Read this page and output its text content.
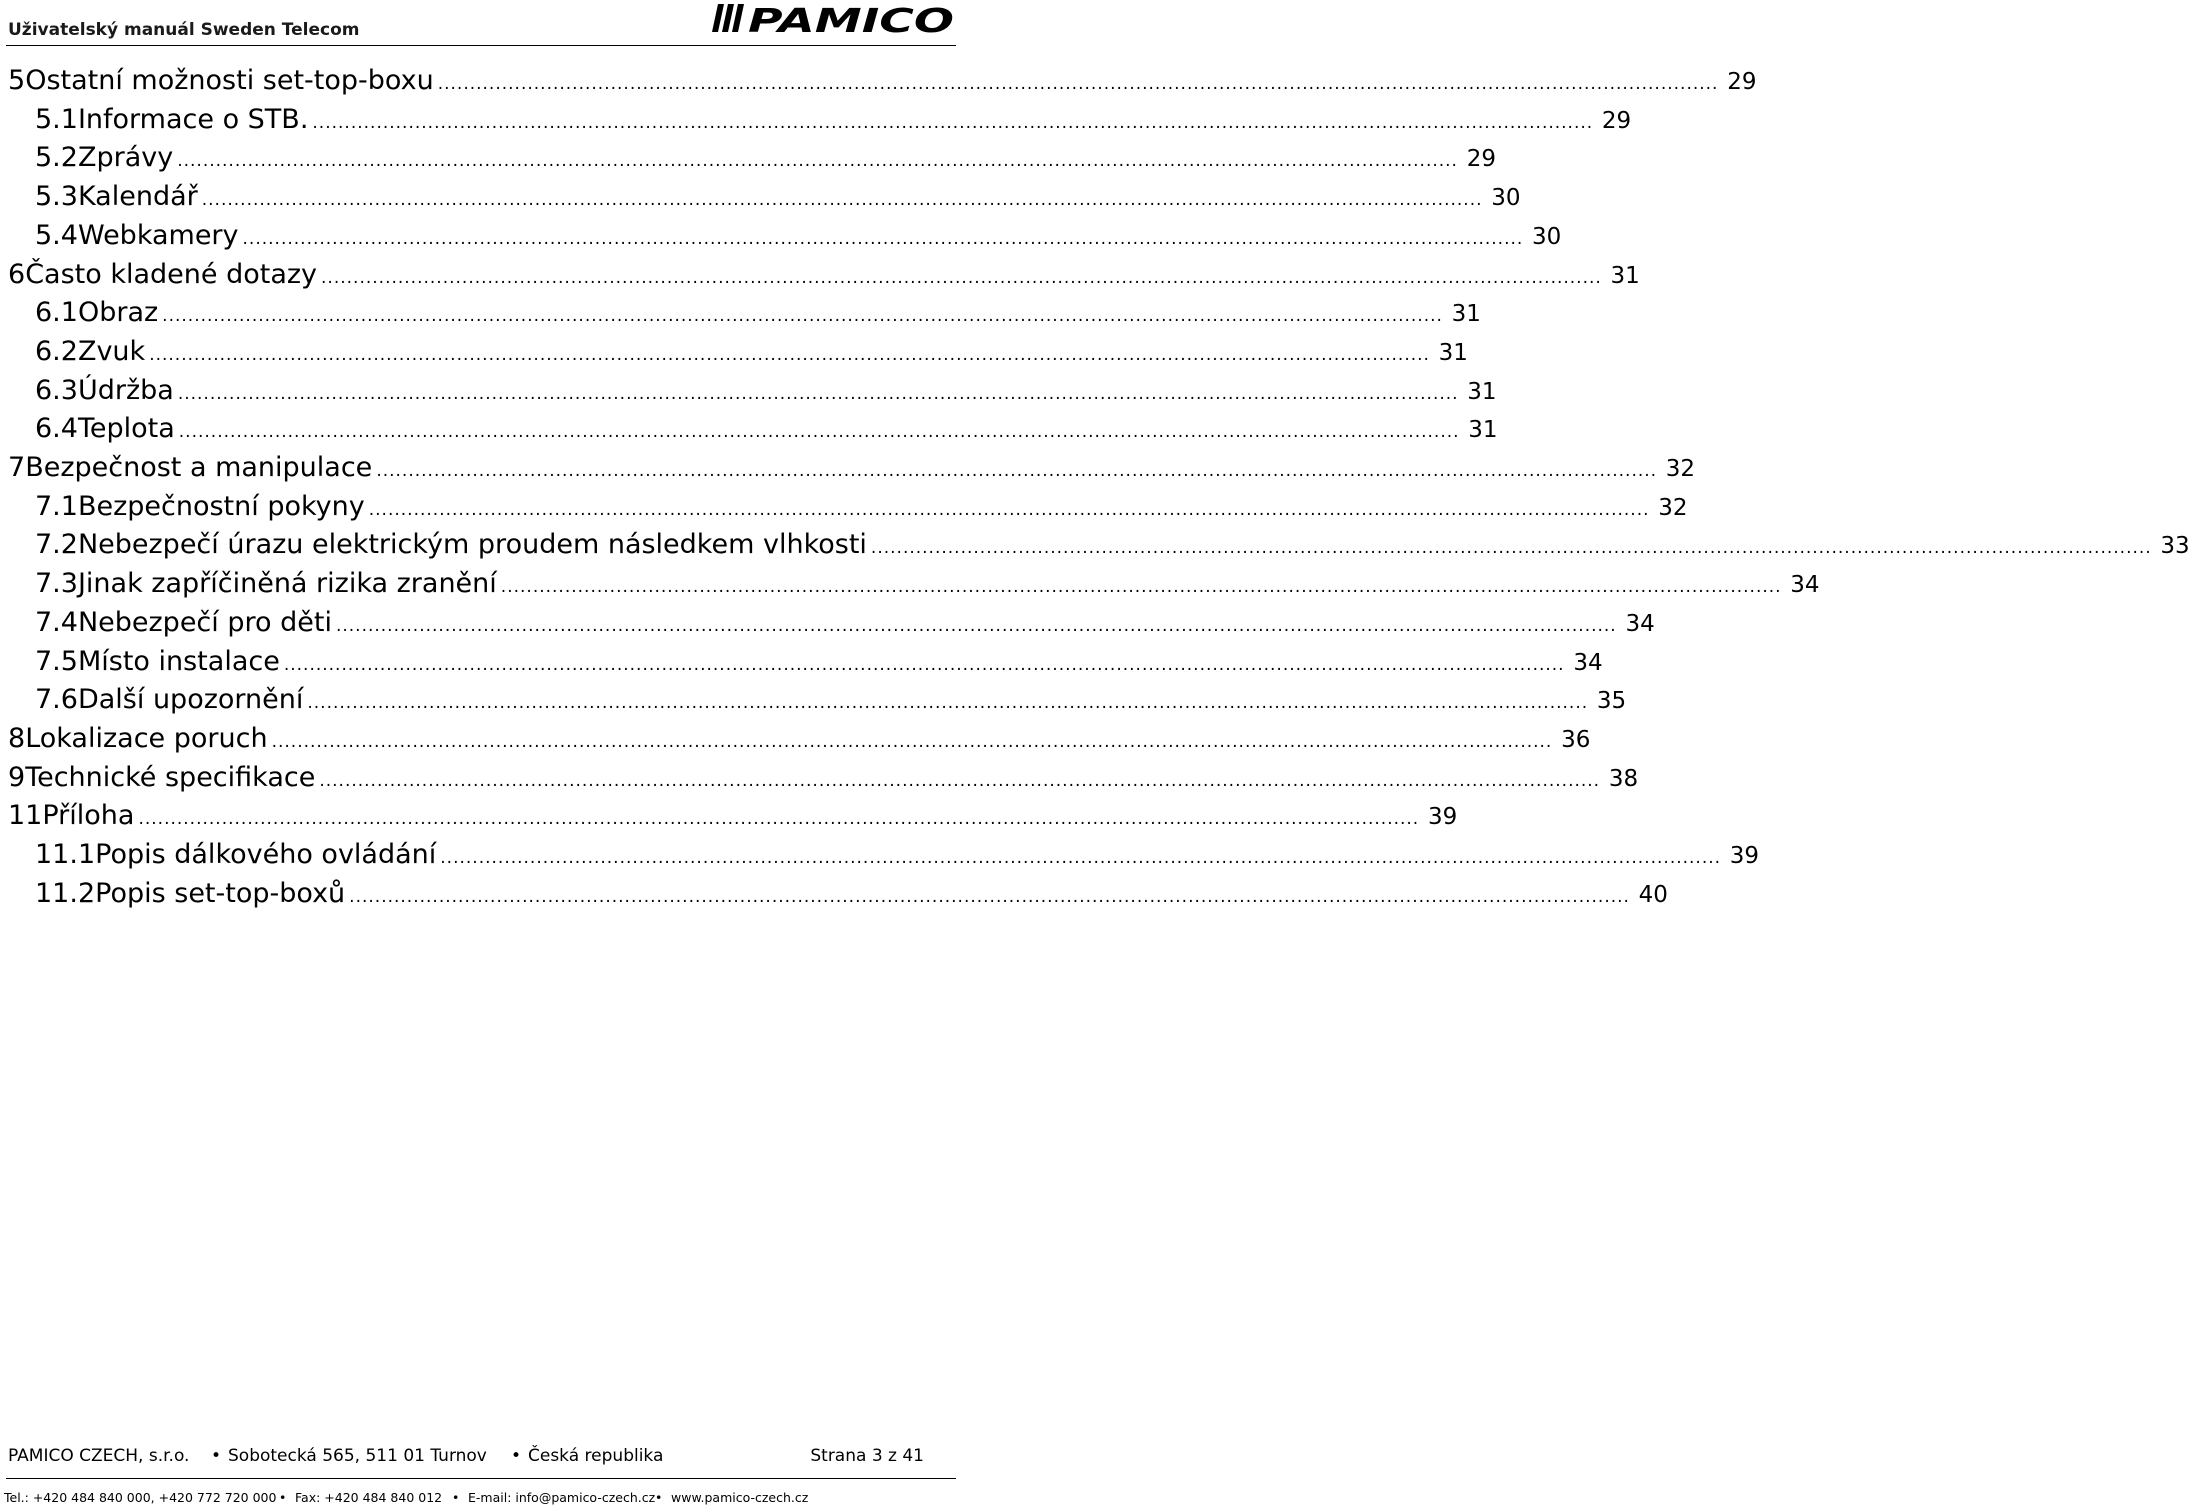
Uživatelský manuál Sweden Telecom	PAMICO
5 Ostatní možnosti set-top-boxu ........................................................................................................................................................................................................ 29
5.1 Informace o STB. ........................................................................................................................................................................................................ 29
5.2 Zprávy ........................................................................................................................................................................................................ 29
5.3 Kalendář ........................................................................................................................................................................................................ 30
5.4 Webkamery ........................................................................................................................................................................................................ 30
6 Často kladené dotazy ........................................................................................................................................................................................................ 31
6.1 Obraz ........................................................................................................................................................................................................ 31
6.2 Zvuk ........................................................................................................................................................................................................ 31
6.3 Údržba ........................................................................................................................................................................................................ 31
6.4 Teplota ........................................................................................................................................................................................................ 31
7 Bezpečnost a manipulace ........................................................................................................................................................................................................ 32
7.1 Bezpečnostní pokyny ........................................................................................................................................................................................................ 32
7.2 Nebezpečí úrazu elektrickým proudem následkem vlhkosti ........................................................................................................................................................................................................ 33
7.3 Jinak zapříčiněná rizika zranění ........................................................................................................................................................................................................ 34
7.4 Nebezpečí pro děti ........................................................................................................................................................................................................ 34
7.5 Místo instalace ........................................................................................................................................................................................................ 34
7.6 Další upozornění ........................................................................................................................................................................................................ 35
8 Lokalizace poruch ........................................................................................................................................................................................................ 36
9 Technické specifikace ........................................................................................................................................................................................................ 38
11 Příloha ........................................................................................................................................................................................................ 39
11.1 Popis dálkového ovládání ........................................................................................................................................................................................................ 39
11.2 Popis set-top-boxů ........................................................................................................................................................................................................ 40
PAMICO CZECH, s.r.o. • Sobotecká 565, 511 01 Turnov • Česká republika	Strana 3 z 41
Tel.: +420 484 840 000, +420 772 720 000 • Fax: +420 484 840 012 • E-mail: info@pamico-czech.cz • www.pamico-czech.cz
